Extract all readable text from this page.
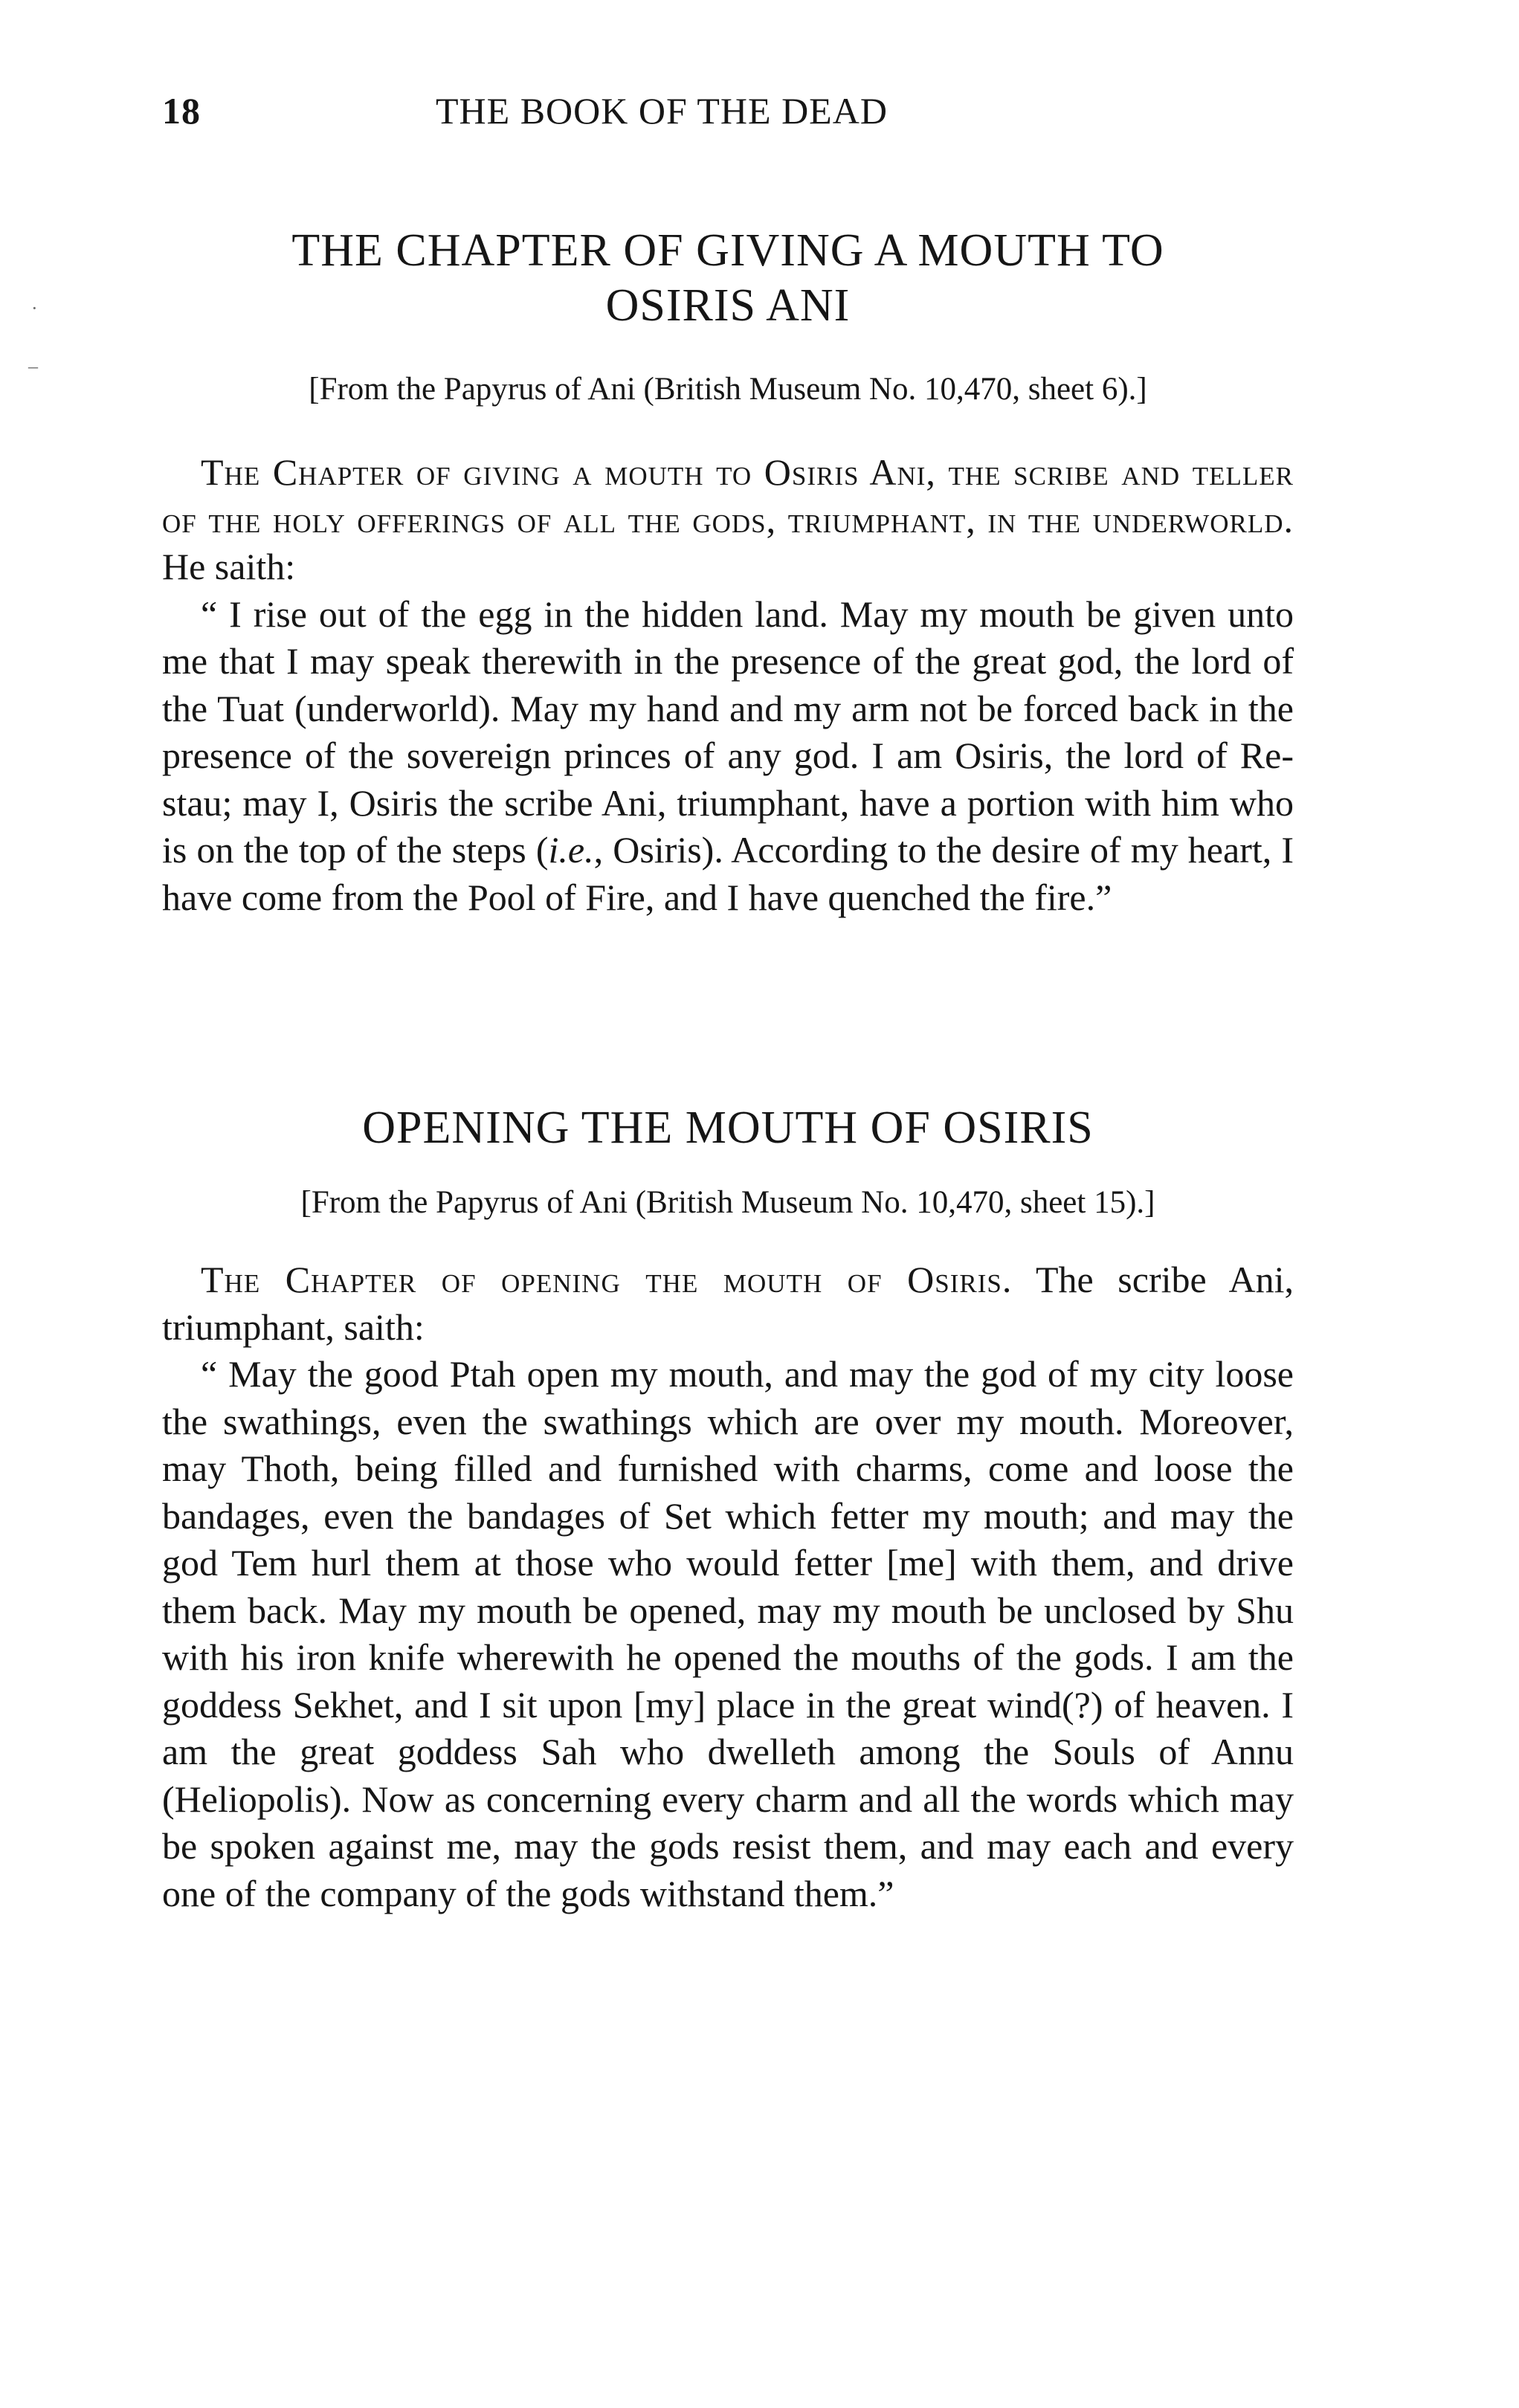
18	THE BOOK OF THE DEAD
·
–
THE CHAPTER OF GIVING A MOUTH TO
OSIRIS ANI

[From the Papyrus of Ani (British Museum No. 10,470, sheet 6).]

The Chapter of giving a mouth to Osiris Ani, the scribe and teller of the holy offerings of all the gods, triumphant, in the underworld. He saith:

“ I rise out of the egg in the hidden land. May my mouth be given unto me that I may speak therewith in the presence of the great god, the lord of the Tuat (underworld). May my hand and my arm not be forced back in the presence of the sovereign princes of any god. I am Osiris, the lord of Re-stau; may I, Osiris the scribe Ani, triumphant, have a portion with him who is on the top of the steps (i.e., Osiris). According to the desire of my heart, I have come from the Pool of Fire, and I have quenched the fire.”

OPENING THE MOUTH OF OSIRIS

[From the Papyrus of Ani (British Museum No. 10,470, sheet 15).]

The Chapter of opening the mouth of Osiris. The scribe Ani, triumphant, saith:

“ May the good Ptah open my mouth, and may the god of my city loose the swathings, even the swathings which are over my mouth. Moreover, may Thoth, being filled and furnished with charms, come and loose the bandages, even the bandages of Set which fetter my mouth; and may the god Tem hurl them at those who would fetter [me] with them, and drive them back. May my mouth be opened, may my mouth be unclosed by Shu with his iron knife wherewith he opened the mouths of the gods. I am the goddess Sekhet, and I sit upon [my] place in the great wind(?) of heaven. I am the great goddess Sah who dwelleth among the Souls of Annu (Heliopolis). Now as concerning every charm and all the words which may be spoken against me, may the gods resist them, and may each and every one of the company of the gods withstand them.”
